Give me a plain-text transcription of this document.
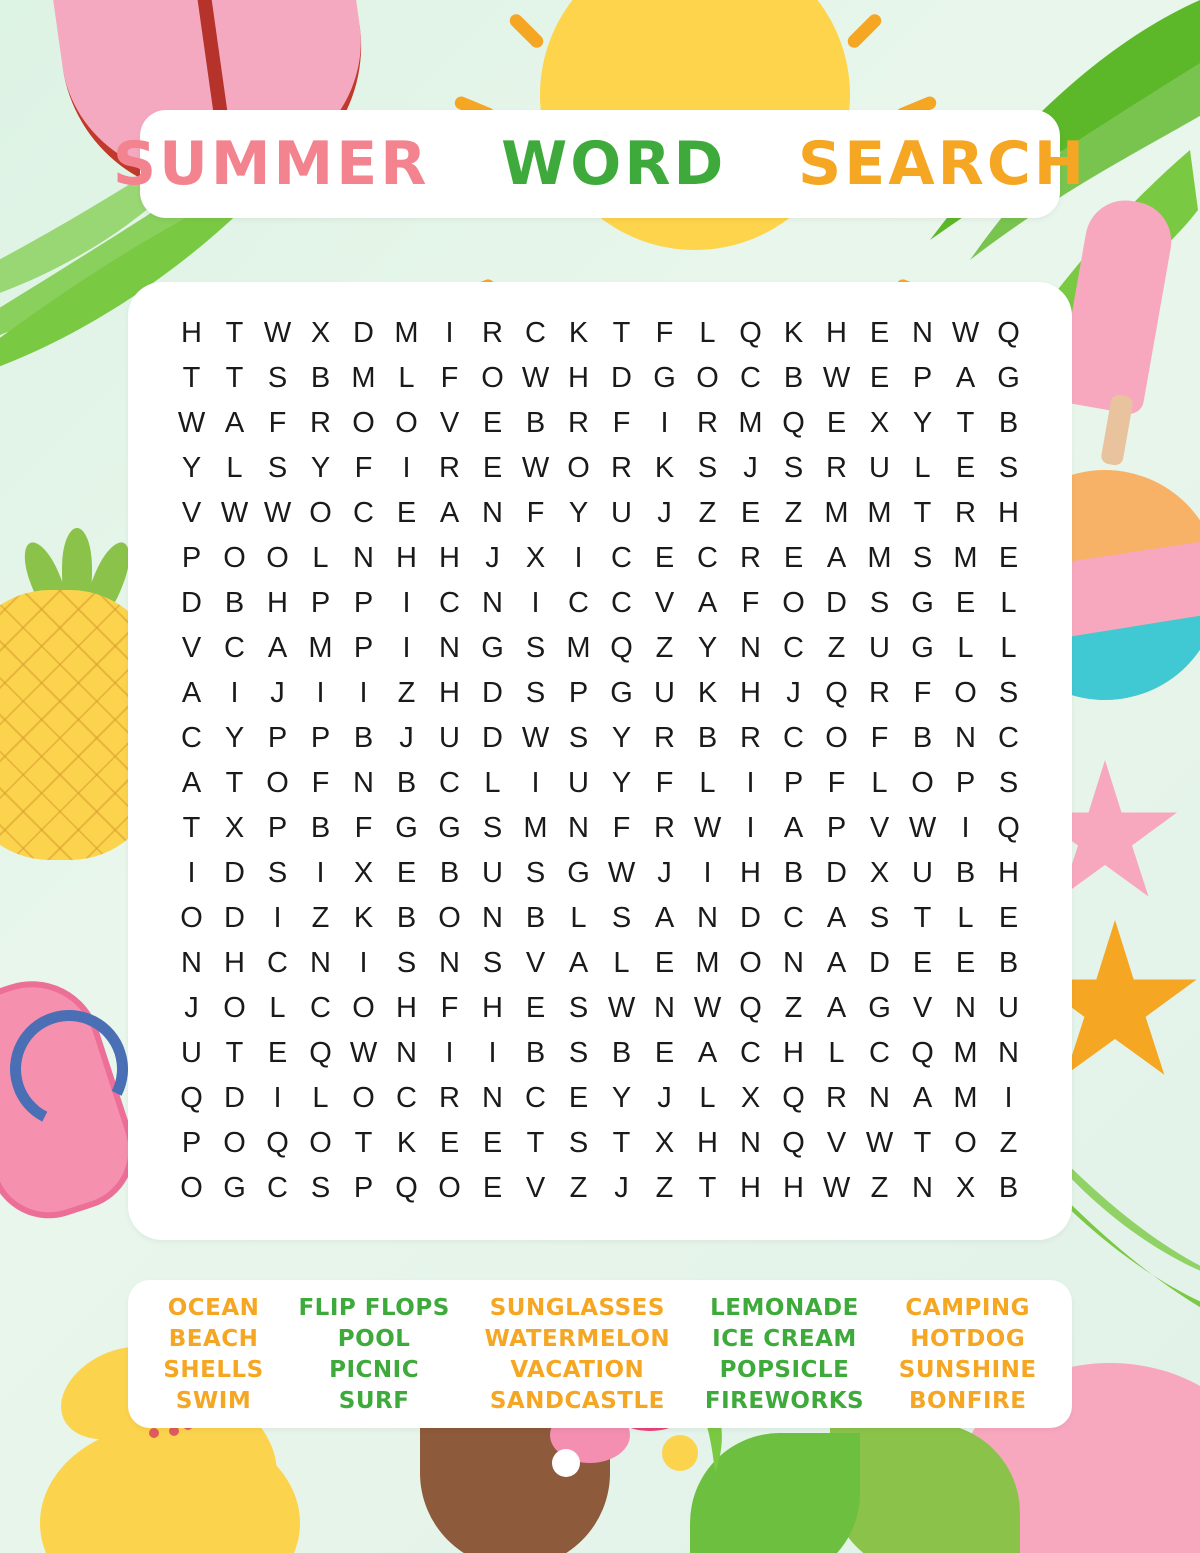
SUMMER WORD SEARCH
H T W X D M I R C K T F L Q K H E N W Q
T T S B M L F O W H D G O C B W E P A G
W A F R O O V E B R F I R M Q E X Y T B
Y L S Y F I R E W O R K S J S R U L E S
V W W O C E A N F Y U J Z E Z M M T R H
P O O L N H H J X I C E C R E A M S M E
D B H P P I C N I C C V A F O D S G E L
V C A M P I N G S M Q Z Y N C Z U G L L
A I J I I Z H D S P G U K H J Q R F O S
C Y P P B J U D W S Y R B R C O F B N C
A T O F N B C L I U Y F L I P F L O P S
T X P B F G G S M N F R W I A P V W I Q
I D S I X E B U S G W J I H B D X U B H
O D I Z K B O N B L S A N D C A S T L E
N H C N I S N S V A L E M O N A D E E B
J O L C O H F H E S W N W Q Z A G V N U
U T E Q W N I I B S B E A C H L C Q M N
Q D I L O C R N C E Y J L X Q R N A M I
P O Q O T K E E T S T X H N Q V W T O Z
O G C S P Q O E V Z J Z T H H W Z N X B
OCEAN
BEACH
SHELLS
SWIM
FLIP FLOPS
POOL
PICNIC
SURF
SUNGLASSES
WATERMELON
VACATION
SANDCASTLE
LEMONADE
ICE CREAM
POPSICLE
FIREWORKS
CAMPING
HOTDOG
SUNSHINE
BONFIRE
